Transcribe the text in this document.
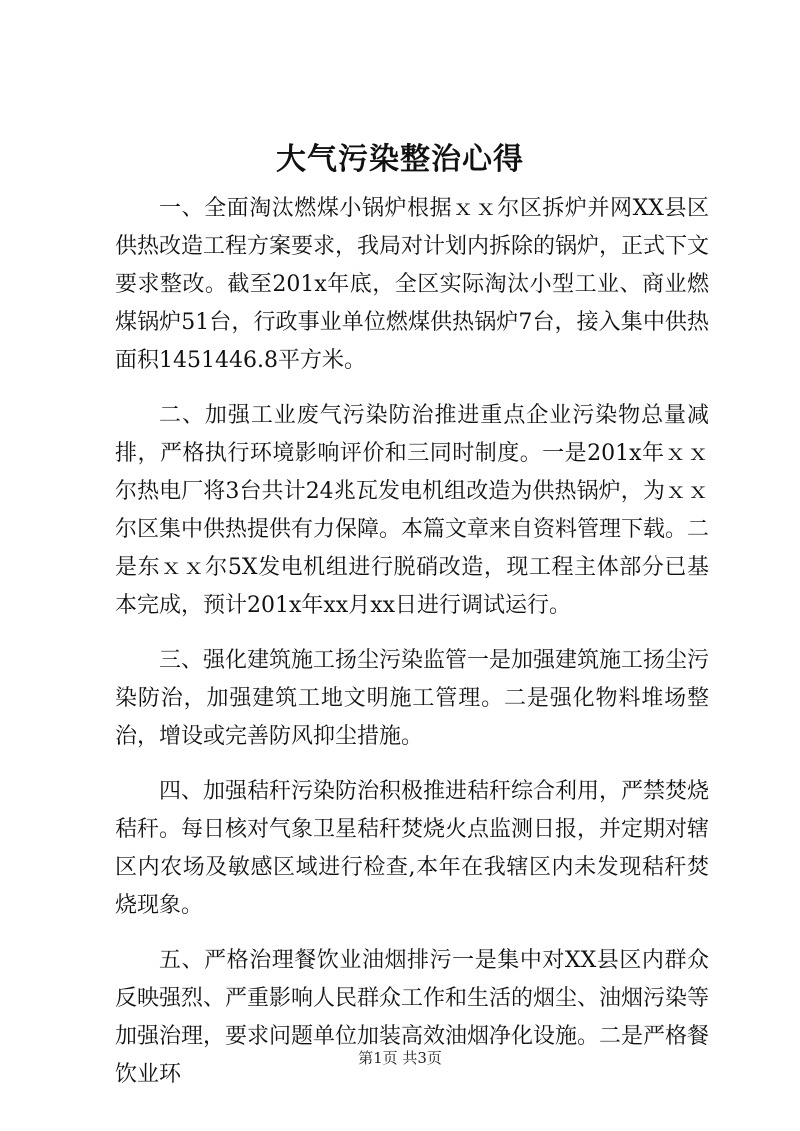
大气污染整治心得

一、全面淘汰燃煤小锅炉根据ｘｘ尔区拆炉并网XX县区供热改造工程方案要求，我局对计划内拆除的锅炉，正式下文要求整改。截至201x年底，全区实际淘汰小型工业、商业燃煤锅炉51台，行政事业单位燃煤供热锅炉7台，接入集中供热面积1451446.8平方米。

二、加强工业废气污染防治推进重点企业污染物总量减排，严格执行环境影响评价和三同时制度。一是201x年ｘｘ尔热电厂将3台共计24兆瓦发电机组改造为供热锅炉，为ｘｘ尔区集中供热提供有力保障。本篇文章来自资料管理下载。二是东ｘｘ尔5X发电机组进行脱硝改造，现工程主体部分已基本完成，预计201x年xx月xx日进行调试运行。

三、强化建筑施工扬尘污染监管一是加强建筑施工扬尘污染防治，加强建筑工地文明施工管理。二是强化物料堆场整治，增设或完善防风抑尘措施。

四、加强秸秆污染防治积极推进秸秆综合利用，严禁焚烧秸秆。每日核对气象卫星秸秆焚烧火点监测日报，并定期对辖区内农场及敏感区域进行检查,本年在我辖区内未发现秸秆焚烧现象。

五、严格治理餐饮业油烟排污一是集中对XX县区内群众反映强烈、严重影响人民群众工作和生活的烟尘、油烟污染等加强治理，要求问题单位加装高效油烟净化设施。二是严格餐饮业环

第1页 共3页
